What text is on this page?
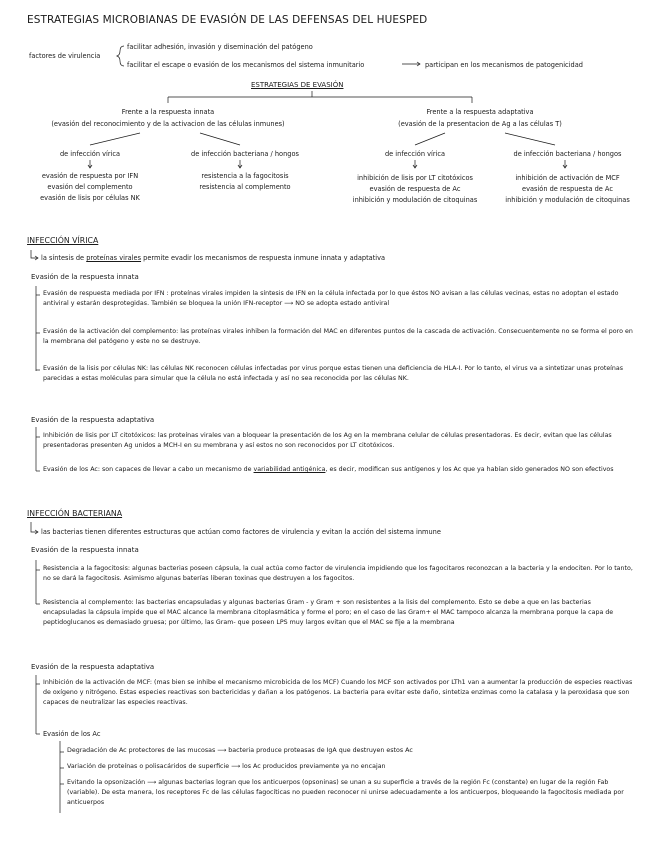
ESTRATEGIAS MICROBIANAS DE EVASIÓN DE LAS DEFENSAS DEL HUESPED
factores de virulencia
facilitar adhesión, invasión y diseminación del patógeno
facilitar el escape o evasión de los mecanismos del sistema inmunitario	participan en los mecanismos de patogenicidad
ESTRATEGIAS DE EVASIÓN
Frente a la respuesta innata
(evasión del reconocimiento y de la activacion de las células inmunes)
de infección vírica
evasión de respuesta por IFN
evasión del complemento
evasión de lisis por células NK
de infección bacteriana / hongos
resistencia a la fagocitosis
resistencia al complemento
Frente a la respuesta adaptativa
(evasión de la presentacion de Ag a las células T)
de infección vírica
inhibición de lisis por LT citotóxicos
evasión de respuesta de Ac
inhibición y modulación de citoquinas
de infección bacteriana / hongos
inhibición de activación de MCF
evasión de respuesta de Ac
inhibición y modulación de citoquinas
INFECCIÓN VÍRICA
la síntesis de proteínas virales permite evadir los mecanismos de respuesta inmune innata y adaptativa
Evasión de la respuesta innata
Evasión de respuesta mediada por IFN : proteínas virales impiden la síntesis de IFN en la célula infectada por lo que éstos NO avisan a las células vecinas, estas no adoptan el estado antiviral y estarán desprotegidas. También se bloquea la unión IFN-receptor ⟶ NO se adopta estado antiviral
Evasión de la activación del complemento: las proteínas virales inhiben la formación del MAC en diferentes puntos de la cascada de activación. Consecuentemente no se forma el poro en la membrana del patógeno y este no se destruye.
Evasión de la lisis por células NK: las células NK reconocen células infectadas por virus porque estas tienen una deficiencia de HLA-I. Por lo tanto, el virus va a sintetizar unas proteínas parecidas a estas moléculas para simular que la célula no está infectada y así no sea reconocida por las células NK.
Evasión de la respuesta adaptativa
Inhibición de lisis por LT citotóxicos: las proteínas virales van a bloquear la presentación de los Ag en la membrana celular de células presentadoras. Es decir, evitan que las células presentadoras presenten Ag unidos a MCH-I en su membrana y así estos no son reconocidos por LT citotóxicos.
Evasión de los Ac: son capaces de llevar a cabo un mecanismo de variabilidad antigénica, es decir, modifican sus antígenos y los Ac que ya habían sido generados NO son efectivos
INFECCIÓN BACTERIANA
las bacterias tienen diferentes estructuras que actúan como factores de virulencia y evitan la acción del sistema inmune
Evasión de la respuesta innata
Resistencia a la fagocitosis: algunas bacterias poseen cápsula, la cual actúa como factor de virulencia impidiendo que los fagocitaros reconozcan a la bacteria y la endociten. Por lo tanto, no se dará la fagocitosis. Asimismo algunas baterías liberan toxinas que destruyen a los fagocitos.
Resistencia al complemento: las bacterias encapsuladas y algunas bacterias Gram - y Gram + son resistentes a la lisis del complemento. Esto se debe a que en las bacterias encapsuladas la cápsula impide que el MAC alcance la membrana citoplasmática y forme el poro; en el caso de las Gram+ el MAC tampoco alcanza la membrana porque la capa de peptidoglucanos es demasiado gruesa; por último, las Gram- que poseen LPS muy largos evitan que el MAC se fije a la membrana
Evasión de la respuesta adaptativa
Inhibición de la activación de MCF: (mas bien se inhibe el mecanismo microbicida de los MCF) Cuando los MCF son activados por LTh1 van a aumentar la producción de especies reactivas de oxígeno y nitrógeno. Estas especies reactivas son bactericidas y dañan a los patógenos. La bacteria para evitar este daño, sintetiza enzimas como la catalasa y la peroxidasa que son capaces de neutralizar las especies reactivas.
Evasión de los Ac
Degradación de Ac protectores de las mucosas ⟶ bacteria produce proteasas de IgA que destruyen estos Ac
Variación de proteínas o polisacáridos de superficie ⟶ los Ac producidos previamente ya no encajan
Evitando la opsonización ⟶ algunas bacterias logran que los anticuerpos (opsoninas) se unan a su superficie a través de la región Fc (constante) en lugar de la región Fab (variable). De esta manera, los receptores Fc de las células fagocíticas no pueden reconocer ni unirse adecuadamente a los anticuerpos, bloqueando la fagocitosis mediada por anticuerpos
